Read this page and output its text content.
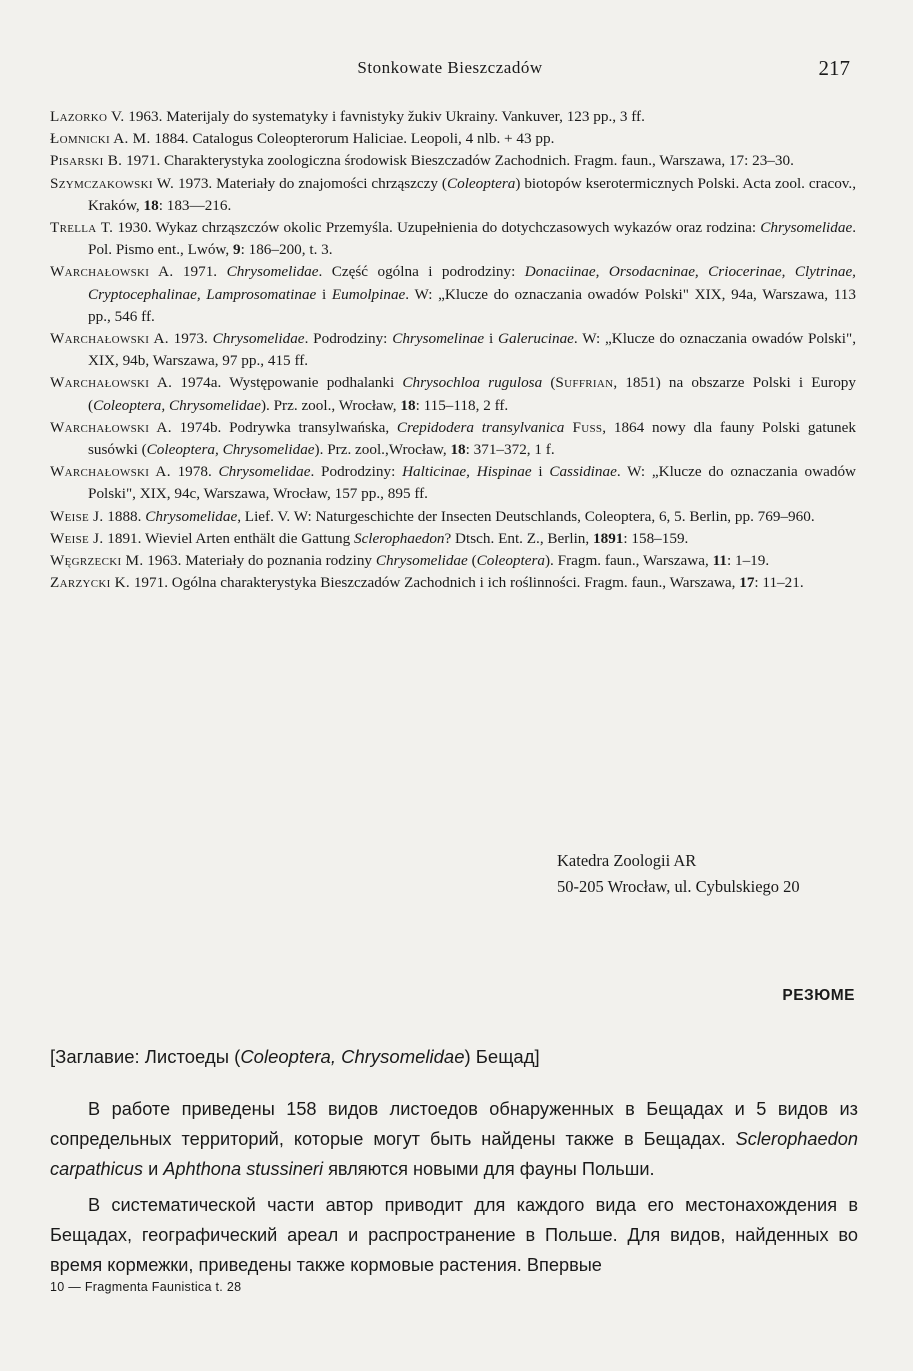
Stonkowate Bieszczadów	217

Lazorko V. 1963. Materijaly do systematyky i favnistyky žukiv Ukrainy. Vankuver, 123 pp., 3 ff.

Łomnicki A. M. 1884. Catalogus Coleopterorum Haliciae. Leopoli, 4 nlb. + 43 pp.

Pisarski B. 1971. Charakterystyka zoologiczna środowisk Bieszczadów Zachodnich. Fragm. faun., Warszawa, 17: 23–30.

Szymczakowski W. 1973. Materiały do znajomości chrząszczy (Coleoptera) biotopów kserotermicznych Polski. Acta zool. cracov., Kraków, 18: 183—216.

Trella T. 1930. Wykaz chrząszczów okolic Przemyśla. Uzupełnienia do dotychczasowych wykazów oraz rodzina: Chrysomelidae. Pol. Pismo ent., Lwów, 9: 186–200, t. 3.

Warchałowski A. 1971. Chrysomelidae. Część ogólna i podrodziny: Donaciinae, Orsodacninae, Criocerinae, Clytrinae, Cryptocephalinae, Lamprosomatinae i Eumolpinae. W: „Klucze do oznaczania owadów Polski" XIX, 94a, Warszawa, 113 pp., 546 ff.

Warchałowski A. 1973. Chrysomelidae. Podrodziny: Chrysomelinae i Galerucinae. W: „Klucze do oznaczania owadów Polski", XIX, 94b, Warszawa, 97 pp., 415 ff.

Warchałowski A. 1974a. Występowanie podhalanki Chrysochloa rugulosa (Suffrian, 1851) na obszarze Polski i Europy (Coleoptera, Chrysomelidae). Prz. zool., Wrocław, 18: 115–118, 2 ff.

Warchałowski A. 1974b. Podrywka transylwańska, Crepidodera transylvanica Fuss, 1864 nowy dla fauny Polski gatunek susówki (Coleoptera, Chrysomelidae). Prz. zool.,Wrocław, 18: 371–372, 1 f.

Warchałowski A. 1978. Chrysomelidae. Podrodziny: Halticinae, Hispinae i Cassidinae. W: „Klucze do oznaczania owadów Polski", XIX, 94c, Warszawa, Wrocław, 157 pp., 895 ff.

Weise J. 1888. Chrysomelidae, Lief. V. W: Naturgeschichte der Insecten Deutschlands, Coleoptera, 6, 5. Berlin, pp. 769–960.

Weise J. 1891. Wieviel Arten enthält die Gattung Sclerophaedon? Dtsch. Ent. Z., Berlin, 1891: 158–159.

Węgrzecki M. 1963. Materiały do poznania rodziny Chrysomelidae (Coleoptera). Fragm. faun., Warszawa, 11: 1–19.

Zarzycki K. 1971. Ogólna charakterystyka Bieszczadów Zachodnich i ich roślinności. Fragm. faun., Warszawa, 17: 11–21.

Katedra Zoologii AR
50-205 Wrocław, ul. Cybulskiego 20
РЕЗЮМЕ
[Заглавие: Листоеды (Coleoptera, Chrysomelidae) Бещад]

В работе приведены 158 видов листоедов обнаруженных в Бещадах и 5 видов из сопредельных территорий, которые могут быть найдены также в Бещадах. Sclerophaedon carpathicus и Aphthona stussineri являются новыми для фауны Польши.

В систематической части автор приводит для каждого вида его местонахождения в Бещадах, географический ареал и распространение в Польше. Для видов, найденных во время кормежки, приведены также кормовые растения. Впервые

10 — Fragmenta Faunistica t. 28
